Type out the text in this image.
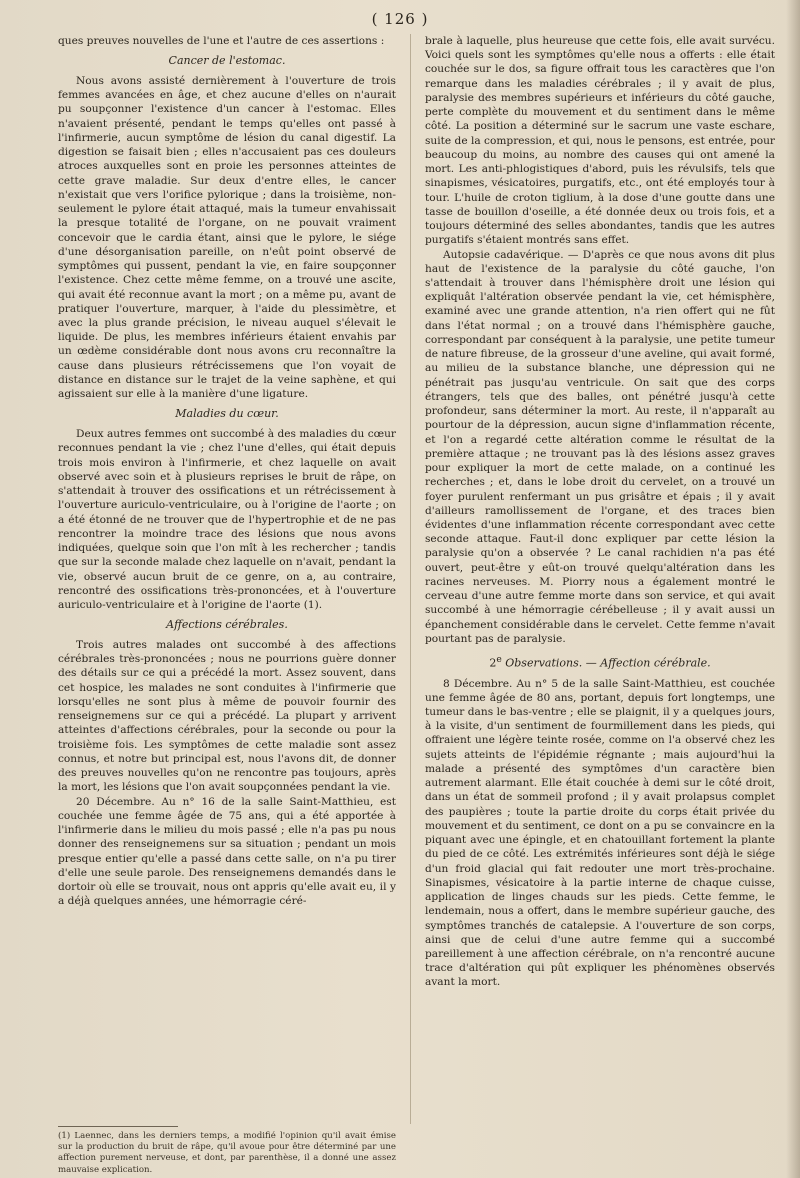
( 126 )

ques preuves nouvelles de l'une et l'autre de ces assertions :

Cancer de l'estomac.

Nous avons assisté dernièrement à l'ouverture de trois femmes avancées en âge, et chez aucune d'elles on n'aurait pu soupçonner l'existence d'un cancer à l'estomac. Elles n'avaient présenté, pendant le temps qu'elles ont passé à l'infirmerie, aucun symptôme de lésion du canal digestif. La digestion se faisait bien ; elles n'accusaient pas ces douleurs atroces auxquelles sont en proie les personnes atteintes de cette grave maladie. Sur deux d'entre elles, le cancer n'existait que vers l'orifice pylorique ; dans la troisième, non-seulement le pylore était attaqué, mais la tumeur envahissait la presque totalité de l'organe, on ne pouvait vraiment concevoir que le cardia étant, ainsi que le pylore, le siége d'une désorganisation pareille, on n'eût point observé de symptômes qui pussent, pendant la vie, en faire soupçonner l'existence. Chez cette même femme, on a trouvé une ascite, qui avait été reconnue avant la mort ; on a même pu, avant de pratiquer l'ouverture, marquer, à l'aide du plessimètre, et avec la plus grande précision, le niveau auquel s'élevait le liquide. De plus, les membres inférieurs étaient envahis par un œdème considérable dont nous avons cru reconnaître la cause dans plusieurs rétrécissemens que l'on voyait de distance en distance sur le trajet de la veine saphène, et qui agissaient sur elle à la manière d'une ligature.

Maladies du cœur.

Deux autres femmes ont succombé à des maladies du cœur reconnues pendant la vie ; chez l'une d'elles, qui était depuis trois mois environ à l'infirmerie, et chez laquelle on avait observé avec soin et à plusieurs reprises le bruit de râpe, on s'attendait à trouver des ossifications et un rétrécissement à l'ouverture auriculo-ventriculaire, ou à l'origine de l'aorte ; on a été étonné de ne trouver que de l'hypertrophie et de ne pas rencontrer la moindre trace des lésions que nous avons indiquées, quelque soin que l'on mît à les rechercher ; tandis que sur la seconde malade chez laquelle on n'avait, pendant la vie, observé aucun bruit de ce genre, on a, au contraire, rencontré des ossifications très-prononcées, et à l'ouverture auriculo-ventriculaire et à l'origine de l'aorte (1).

Affections cérébrales.

Trois autres malades ont succombé à des affections cérébrales très-prononcées ; nous ne pourrions guère donner des détails sur ce qui a précédé la mort. Assez souvent, dans cet hospice, les malades ne sont conduites à l'infirmerie que lorsqu'elles ne sont plus à même de pouvoir fournir des renseignemens sur ce qui a précédé. La plupart y arrivent atteintes d'affections cérébrales, pour la seconde ou pour la troisième fois. Les symptômes de cette maladie sont assez connus, et notre but principal est, nous l'avons dit, de donner des preuves nouvelles qu'on ne rencontre pas toujours, après la mort, les lésions que l'on avait soupçonnées pendant la vie.

20 Décembre. Au n° 16 de la salle Saint-Matthieu, est couchée une femme âgée de 75 ans, qui a été apportée à l'infirmerie dans le milieu du mois passé ; elle n'a pas pu nous donner des renseignemens sur sa situation ; pendant un mois presque entier qu'elle a passé dans cette salle, on n'a pu tirer d'elle une seule parole. Des renseignemens demandés dans le dortoir où elle se trouvait, nous ont appris qu'elle avait eu, il y a déjà quelques années, une hémorragie céré-

brale à laquelle, plus heureuse que cette fois, elle avait survécu. Voici quels sont les symptômes qu'elle nous a offerts : elle était couchée sur le dos, sa figure offrait tous les caractères que l'on remarque dans les maladies cérébrales ; il y avait de plus, paralysie des membres supérieurs et inférieurs du côté gauche, perte complète du mouvement et du sentiment dans le même côté. La position a déterminé sur le sacrum une vaste eschare, suite de la compression, et qui, nous le pensons, est entrée, pour beaucoup du moins, au nombre des causes qui ont amené la mort. Les anti-phlogistiques d'abord, puis les révulsifs, tels que sinapismes, vésicatoires, purgatifs, etc., ont été employés tour à tour. L'huile de croton tiglium, à la dose d'une goutte dans une tasse de bouillon d'oseille, a été donnée deux ou trois fois, et a toujours déterminé des selles abondantes, tandis que les autres purgatifs s'étaient montrés sans effet.

Autopsie cadavérique. — D'après ce que nous avons dit plus haut de l'existence de la paralysie du côté gauche, l'on s'attendait à trouver dans l'hémisphère droit une lésion qui expliquât l'altération observée pendant la vie, cet hémisphère, examiné avec une grande attention, n'a rien offert qui ne fût dans l'état normal ; on a trouvé dans l'hémisphère gauche, correspondant par conséquent à la paralysie, une petite tumeur de nature fibreuse, de la grosseur d'une aveline, qui avait formé, au milieu de la substance blanche, une dépression qui ne pénétrait pas jusqu'au ventricule. On sait que des corps étrangers, tels que des balles, ont pénétré jusqu'à cette profondeur, sans déterminer la mort. Au reste, il n'apparaît au pourtour de la dépression, aucun signe d'inflammation récente, et l'on a regardé cette altération comme le résultat de la première attaque ; ne trouvant pas là des lésions assez graves pour expliquer la mort de cette malade, on a continué les recherches ; et, dans le lobe droit du cervelet, on a trouvé un foyer purulent renfermant un pus grisâtre et épais ; il y avait d'ailleurs ramollissement de l'organe, et des traces bien évidentes d'une inflammation récente correspondant avec cette seconde attaque. Faut-il donc expliquer par cette lésion la paralysie qu'on a observée ? Le canal rachidien n'a pas été ouvert, peut-être y eût-on trouvé quelqu'altération dans les racines nerveuses. M. Piorry nous a également montré le cerveau d'une autre femme morte dans son service, et qui avait succombé à une hémorragie cérébelleuse ; il y avait aussi un épanchement considérable dans le cervelet. Cette femme n'avait pourtant pas de paralysie.

2e Observations. — Affection cérébrale.

8 Décembre. Au n° 5 de la salle Saint-Matthieu, est couchée une femme âgée de 80 ans, portant, depuis fort longtemps, une tumeur dans le bas-ventre ; elle se plaignit, il y a quelques jours, à la visite, d'un sentiment de fourmillement dans les pieds, qui offraient une légère teinte rosée, comme on l'a observé chez les sujets atteints de l'épidémie régnante ; mais aujourd'hui la malade a présenté des symptômes d'un caractère bien autrement alarmant. Elle était couchée à demi sur le côté droit, dans un état de sommeil profond ; il y avait prolapsus complet des paupières ; toute la partie droite du corps était privée du mouvement et du sentiment, ce dont on a pu se convaincre en la piquant avec une épingle, et en chatouillant fortement la plante du pied de ce côté. Les extrémités inférieures sont déjà le siége d'un froid glacial qui fait redouter une mort très-prochaine. Sinapismes, vésicatoire à la partie interne de chaque cuisse, application de linges chauds sur les pieds. Cette femme, le lendemain, nous a offert, dans le membre supérieur gauche, des symptômes tranchés de catalepsie. A l'ouverture de son corps, ainsi que de celui d'une autre femme qui a succombé pareillement à une affection cérébrale, on n'a rencontré aucune trace d'altération qui pût expliquer les phénomènes observés avant la mort.

(1) Laennec, dans les derniers temps, a modifié l'opinion qu'il avait émise sur la production du bruit de râpe, qu'il avoue pour être déterminé par une affection purement nerveuse, et dont, par parenthèse, il a donné une assez mauvaise explication.
